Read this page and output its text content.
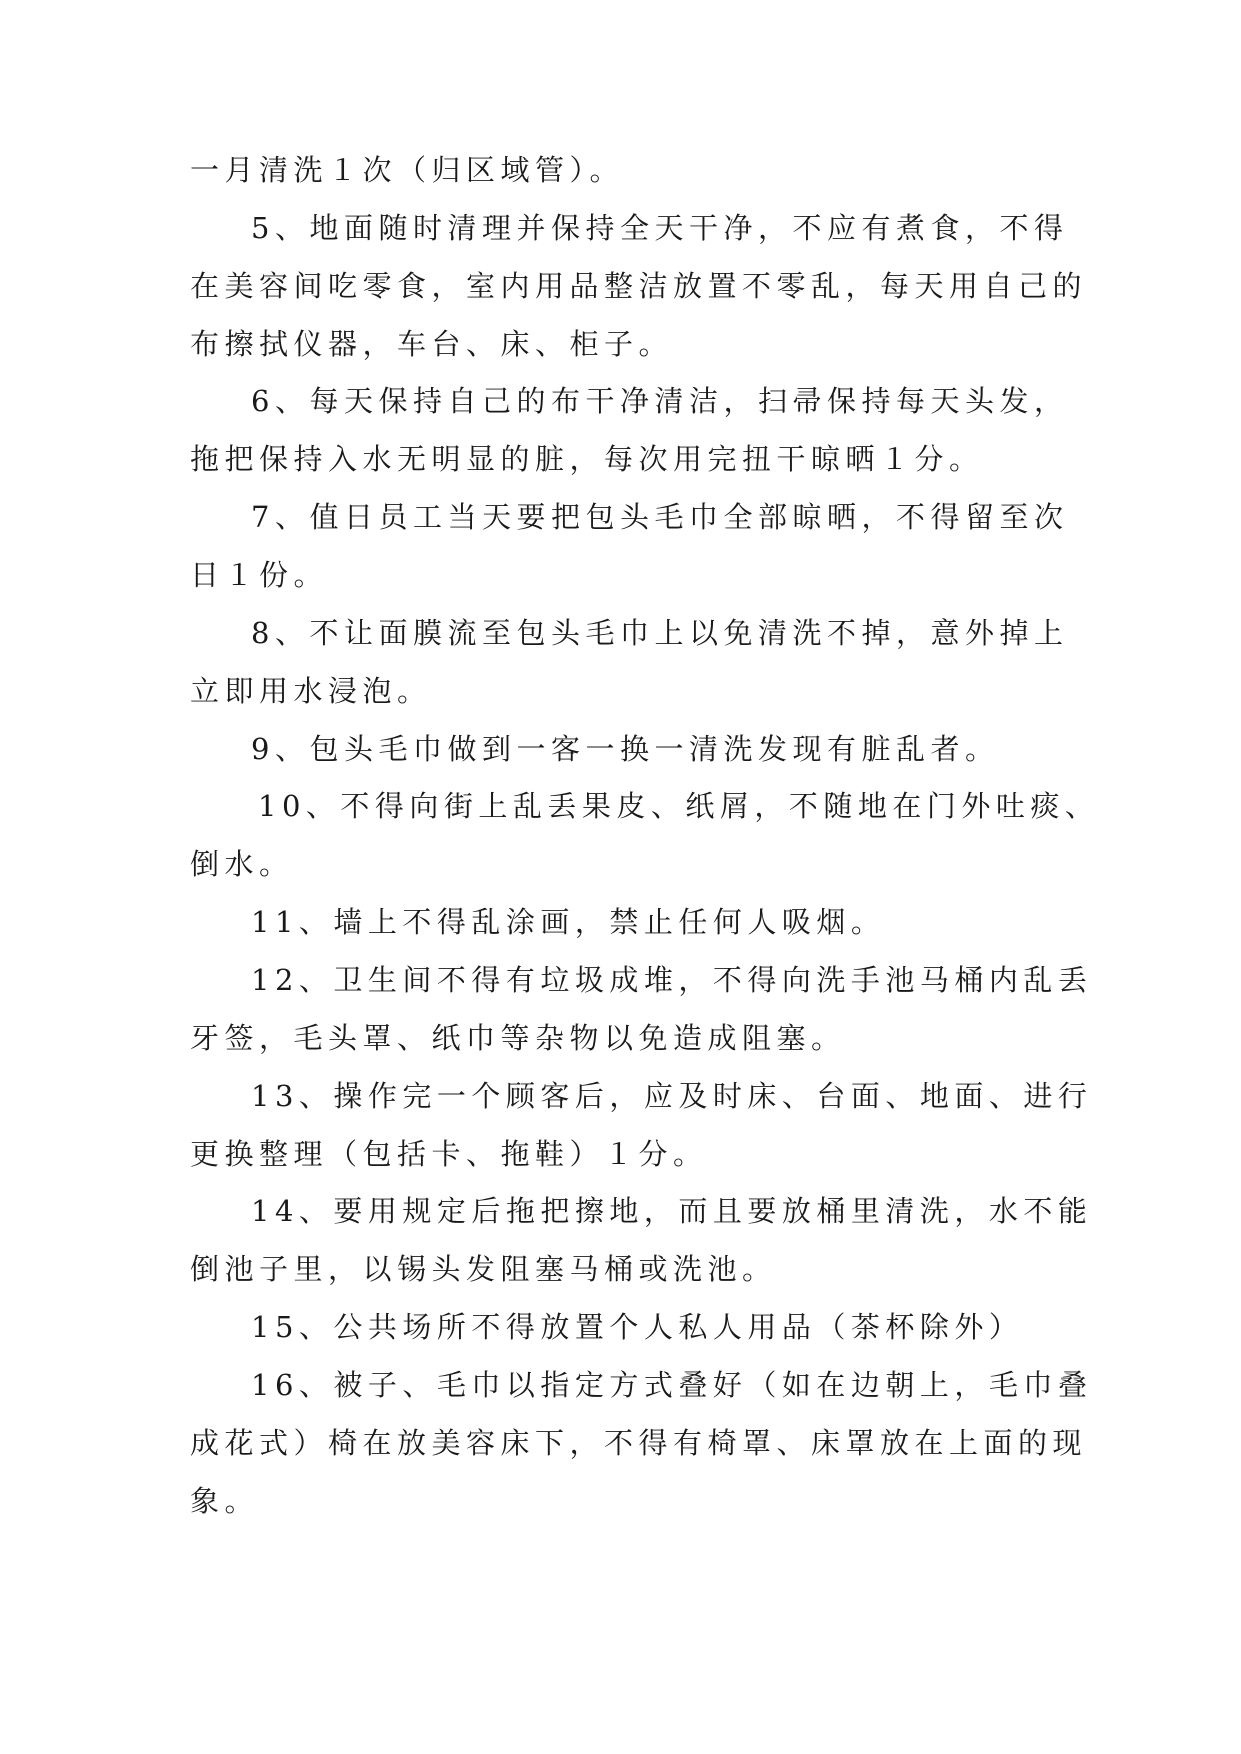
一月清洗１次（归区域管）。
5、地面随时清理并保持全天干净，不应有煮食，不得
在美容间吃零食，室内用品整洁放置不零乱，每天用自己的
布擦拭仪器，车台、床、柜子。
6、每天保持自己的布干净清洁，扫帚保持每天头发，
拖把保持入水无明显的脏，每次用完扭干晾晒１分。
7、值日员工当天要把包头毛巾全部晾晒，不得留至次
日１份。
8、不让面膜流至包头毛巾上以免清洗不掉，意外掉上
立即用水浸泡。
9、包头毛巾做到一客一换一清洗发现有脏乱者。
10、不得向街上乱丢果皮、纸屑，不随地在门外吐痰、
倒水。
11、墙上不得乱涂画，禁止任何人吸烟。
12、卫生间不得有垃圾成堆，不得向洗手池马桶内乱丢
牙签，毛头罩、纸巾等杂物以免造成阻塞。
13、操作完一个顾客后，应及时床、台面、地面、进行
更换整理（包括卡、拖鞋）１分。
14、要用规定后拖把擦地，而且要放桶里清洗，水不能
倒池子里，以锡头发阻塞马桶或洗池。
15、公共场所不得放置个人私人用品（茶杯除外）
16、被子、毛巾以指定方式叠好（如在边朝上，毛巾叠
成花式）椅在放美容床下，不得有椅罩、床罩放在上面的现
象。
